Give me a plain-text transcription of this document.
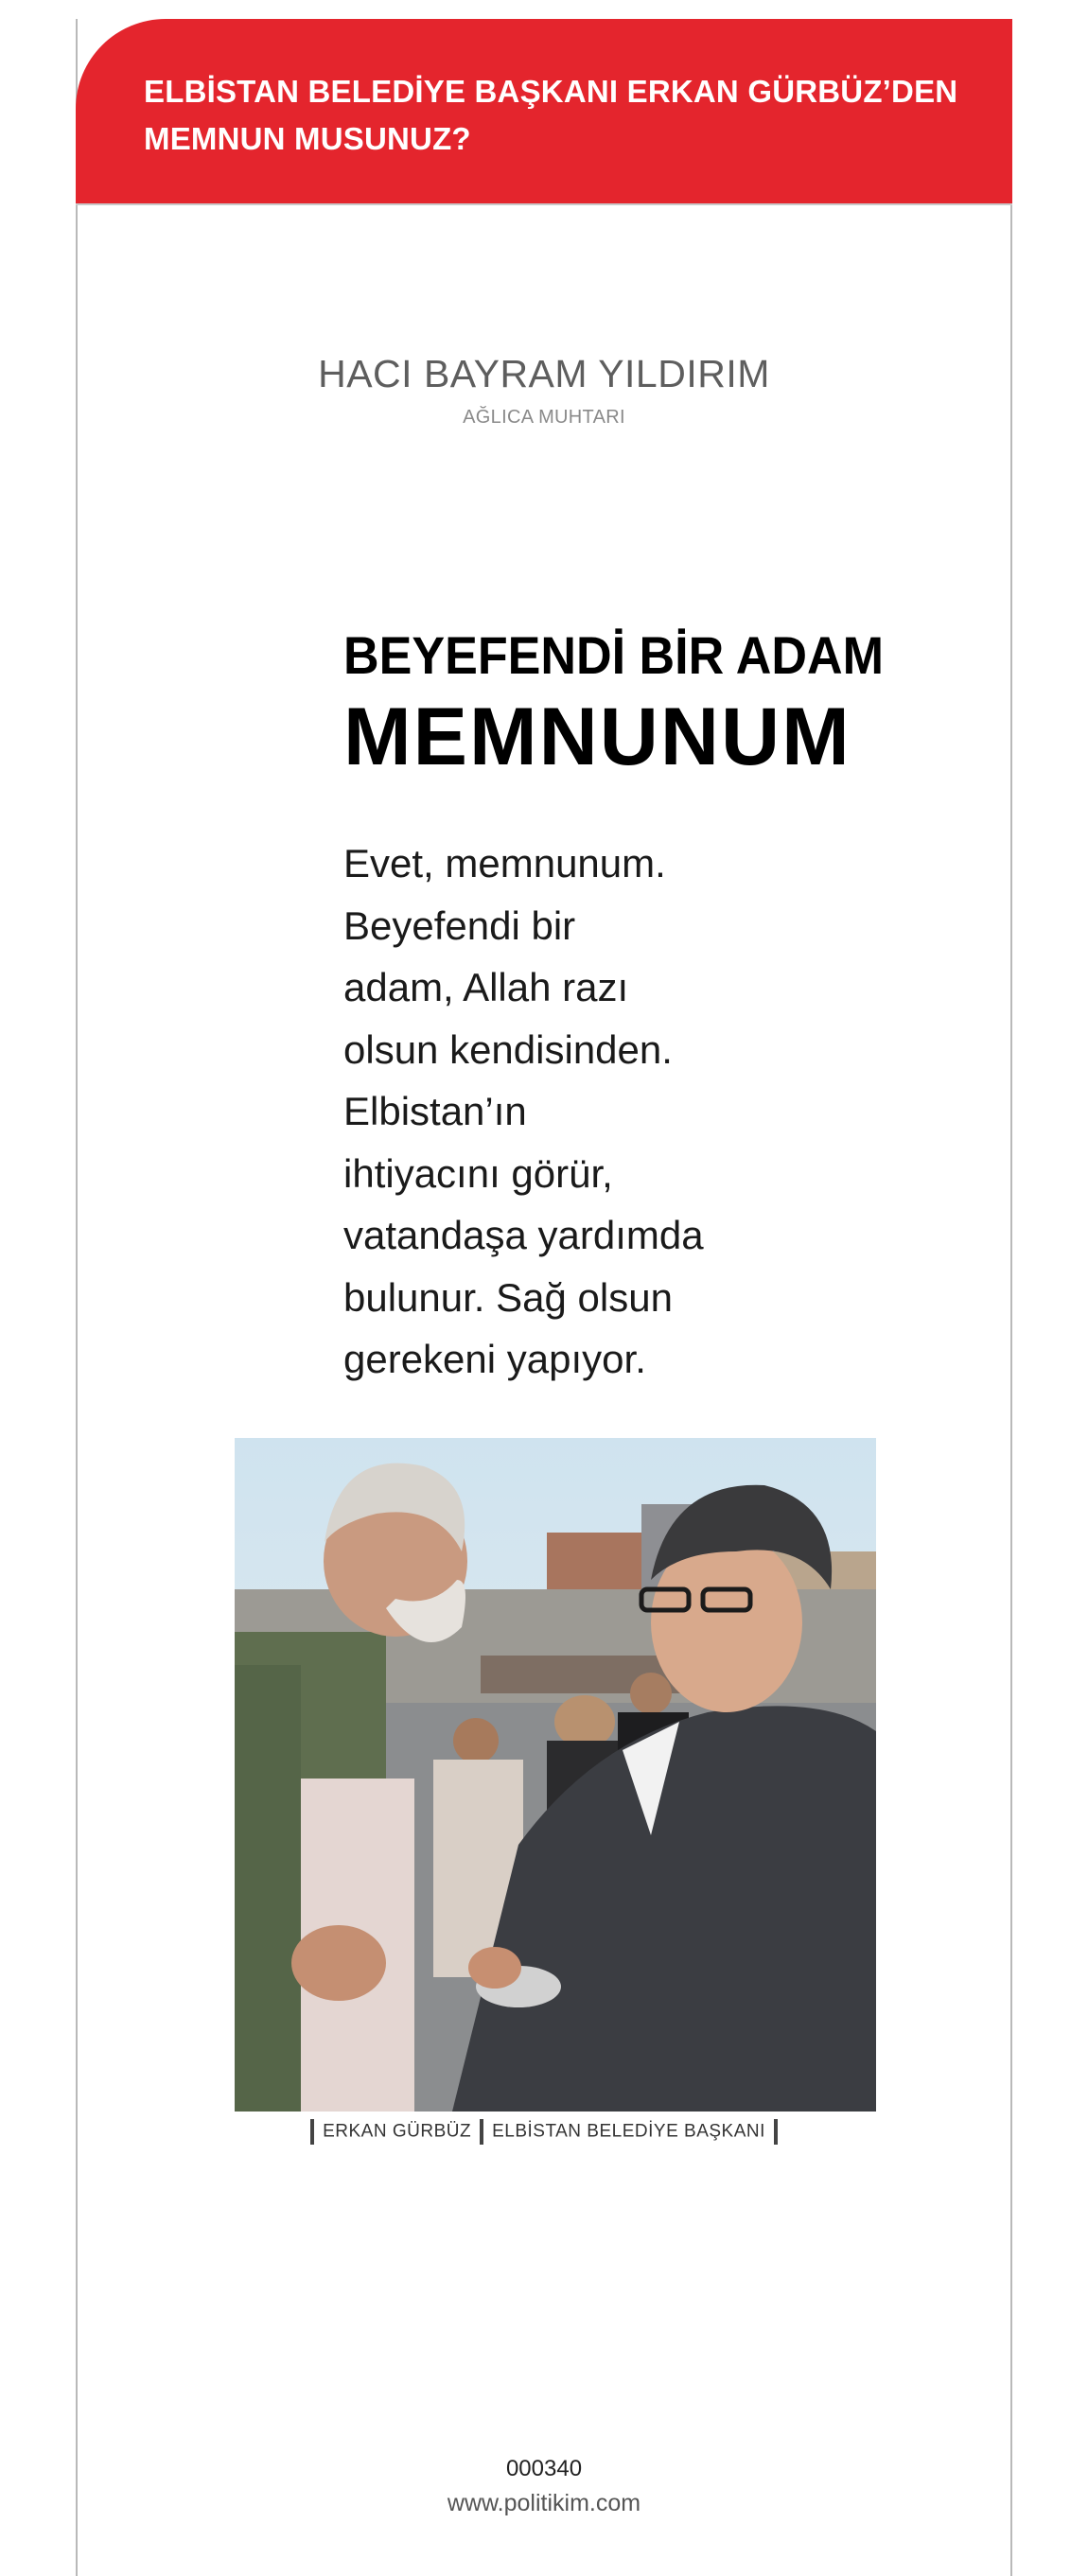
ELBİSTAN BELEDİYE BAŞKANI ERKAN GÜRBÜZ’DEN
MEMNUN MUSUNUZ?
HACI BAYRAM YILDIRIM
AĞLICA MUHTARI
BEYEFENDİ BİR ADAM
MEMNUNUM
Evet, memnunum.
Beyefendi bir
adam, Allah razı
olsun kendisinden.
Elbistan’ın
ihtiyacını görür,
vatandaşa yardımda
bulunur. Sağ olsun
gerekeni yapıyor.
ERKAN GÜRBÜZ ELBİSTAN BELEDİYE BAŞKANI
000340
www.politikim.com
